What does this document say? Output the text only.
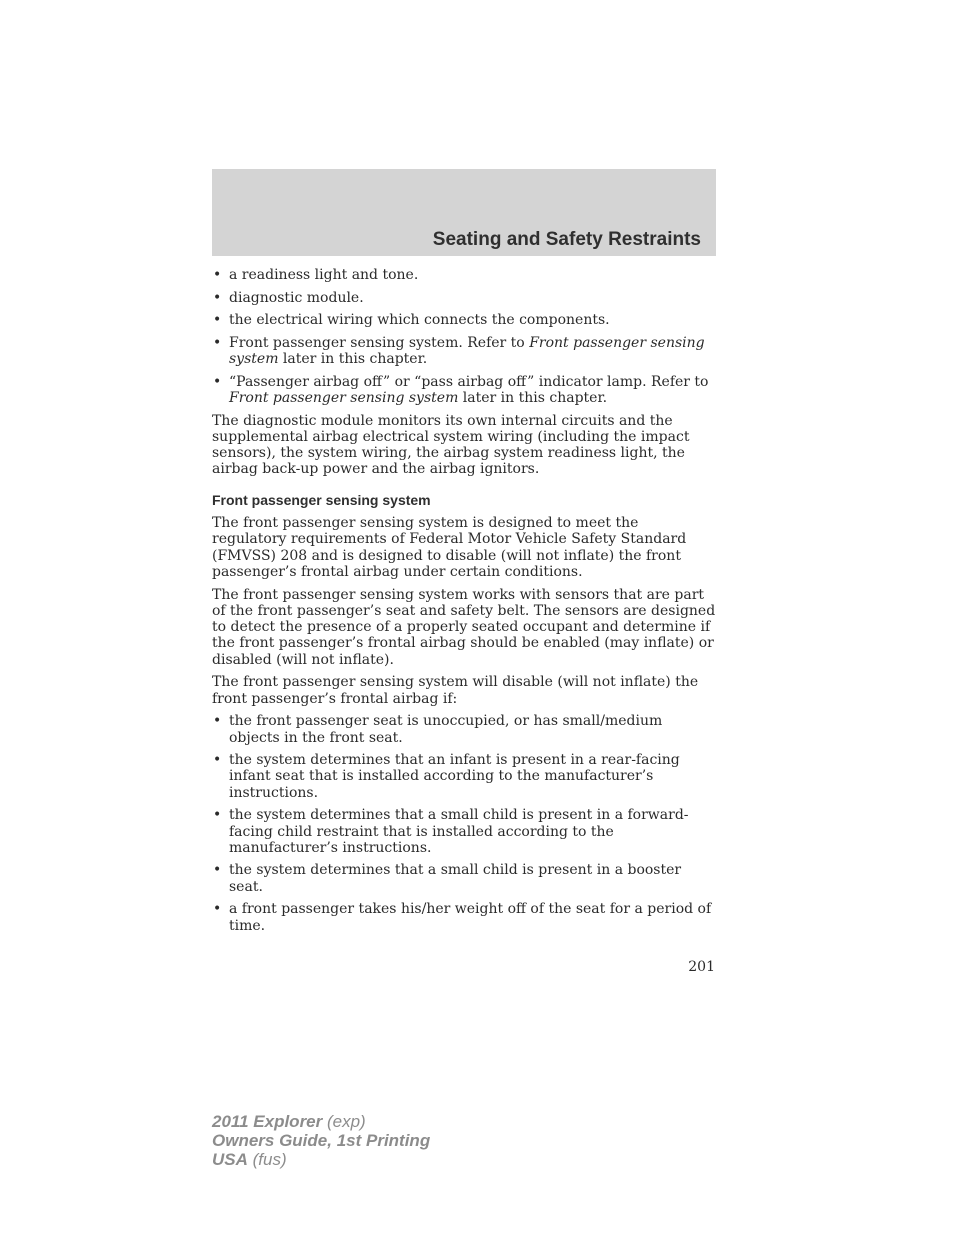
Seating and Safety Restraints
• a readiness light and tone.
• diagnostic module.
• the electrical wiring which connects the components.
• Front passenger sensing system. Refer to Front passenger sensing system later in this chapter.
• “Passenger airbag off” or “pass airbag off” indicator lamp. Refer to Front passenger sensing system later in this chapter.

The diagnostic module monitors its own internal circuits and the supplemental airbag electrical system wiring (including the impact sensors), the system wiring, the airbag system readiness light, the airbag back-up power and the airbag ignitors.

Front passenger sensing system

The front passenger sensing system is designed to meet the regulatory requirements of Federal Motor Vehicle Safety Standard (FMVSS) 208 and is designed to disable (will not inflate) the front passenger’s frontal airbag under certain conditions.

The front passenger sensing system works with sensors that are part of the front passenger’s seat and safety belt. The sensors are designed to detect the presence of a properly seated occupant and determine if the front passenger’s frontal airbag should be enabled (may inflate) or disabled (will not inflate).

The front passenger sensing system will disable (will not inflate) the front passenger’s frontal airbag if:

• the front passenger seat is unoccupied, or has small/medium objects in the front seat.
• the system determines that an infant is present in a rear-facing infant seat that is installed according to the manufacturer’s instructions.
• the system determines that a small child is present in a forward-facing child restraint that is installed according to the manufacturer’s instructions.
• the system determines that a small child is present in a booster seat.
• a front passenger takes his/her weight off of the seat for a period of time.
201
2011 Explorer (exp)
Owners Guide, 1st Printing
USA (fus)
